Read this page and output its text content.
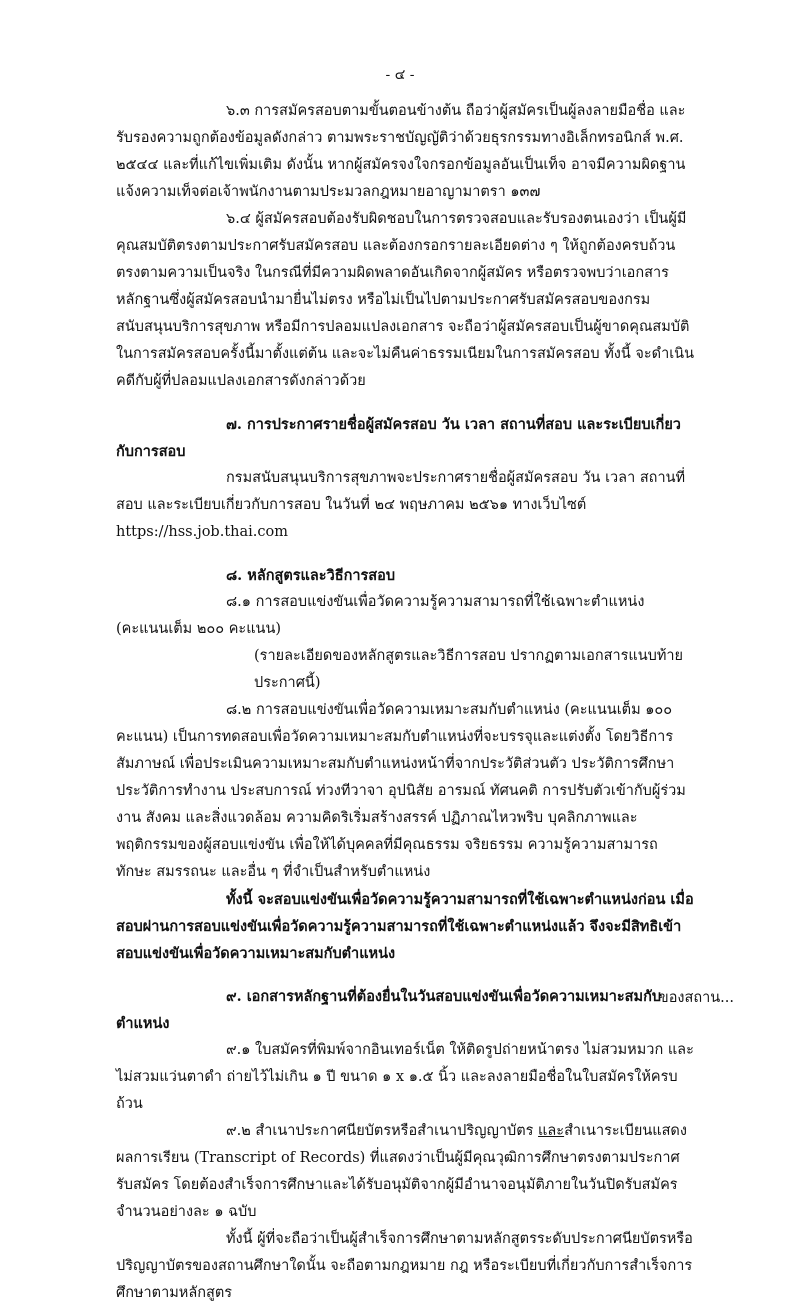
- ๔ -

๖.๓ การสมัครสอบตามขั้นตอนข้างต้น ถือว่าผู้สมัครเป็นผู้ลงลายมือชื่อ และรับรองความถูกต้องข้อมูลดังกล่าว ตามพระราชบัญญัติว่าด้วยธุรกรรมทางอิเล็กทรอนิกส์ พ.ศ. ๒๕๔๔ และที่แก้ไขเพิ่มเติม ดังนั้น หากผู้สมัครจงใจกรอกข้อมูลอันเป็นเท็จ อาจมีความผิดฐานแจ้งความเท็จต่อเจ้าพนักงานตามประมวลกฎหมายอาญามาตรา ๑๓๗

๖.๔ ผู้สมัครสอบต้องรับผิดชอบในการตรวจสอบและรับรองตนเองว่า เป็นผู้มีคุณสมบัติตรงตามประกาศรับสมัครสอบ และต้องกรอกรายละเอียดต่าง ๆ ให้ถูกต้องครบถ้วนตรงตามความเป็นจริง ในกรณีที่มีความผิดพลาดอันเกิดจากผู้สมัคร หรือตรวจพบว่าเอกสารหลักฐานซึ่งผู้สมัครสอบนำมายื่นไม่ตรง หรือไม่เป็นไปตามประกาศรับสมัครสอบของกรมสนับสนุนบริการสุขภาพ หรือมีการปลอมแปลงเอกสาร จะถือว่าผู้สมัครสอบเป็นผู้ขาดคุณสมบัติในการสมัครสอบครั้งนี้มาตั้งแต่ต้น และจะไม่คืนค่าธรรมเนียมในการสมัครสอบ ทั้งนี้ จะดำเนินคดีกับผู้ที่ปลอมแปลงเอกสารดังกล่าวด้วย

๗. การประกาศรายชื่อผู้สมัครสอบ วัน เวลา สถานที่สอบ และระเบียบเกี่ยวกับการสอบ

กรมสนับสนุนบริการสุขภาพจะประกาศรายชื่อผู้สมัครสอบ วัน เวลา สถานที่สอบ และระเบียบเกี่ยวกับการสอบ ในวันที่ ๒๔ พฤษภาคม ๒๕๖๑ ทางเว็บไซต์ https://hss.job.thai.com

๘. หลักสูตรและวิธีการสอบ

๘.๑ การสอบแข่งขันเพื่อวัดความรู้ความสามารถที่ใช้เฉพาะตำแหน่ง (คะแนนเต็ม ๒๐๐ คะแนน)

(รายละเอียดของหลักสูตรและวิธีการสอบ ปรากฏตามเอกสารแนบท้ายประกาศนี้)

๘.๒ การสอบแข่งขันเพื่อวัดความเหมาะสมกับตำแหน่ง (คะแนนเต็ม ๑๐๐ คะแนน) เป็นการทดสอบเพื่อวัดความเหมาะสมกับตำแหน่งที่จะบรรจุและแต่งตั้ง โดยวิธีการสัมภาษณ์ เพื่อประเมินความเหมาะสมกับตำแหน่งหน้าที่จากประวัติส่วนตัว ประวัติการศึกษา ประวัติการทำงาน ประสบการณ์ ท่วงทีวาจา อุปนิสัย อารมณ์ ทัศนคติ การปรับตัวเข้ากับผู้ร่วมงาน สังคม และสิ่งแวดล้อม ความคิดริเริ่มสร้างสรรค์ ปฏิภาณไหวพริบ บุคลิกภาพและพฤติกรรมของผู้สอบแข่งขัน เพื่อให้ได้บุคคลที่มีคุณธรรม จริยธรรม ความรู้ความสามารถ ทักษะ สมรรถนะ และอื่น ๆ ที่จำเป็นสำหรับตำแหน่ง

ทั้งนี้ จะสอบแข่งขันเพื่อวัดความรู้ความสามารถที่ใช้เฉพาะตำแหน่งก่อน เมื่อสอบผ่านการสอบแข่งขันเพื่อวัดความรู้ความสามารถที่ใช้เฉพาะตำแหน่งแล้ว จึงจะมีสิทธิเข้าสอบแข่งขันเพื่อวัดความเหมาะสมกับตำแหน่ง

๙. เอกสารหลักฐานที่ต้องยื่นในวันสอบแข่งขันเพื่อวัดความเหมาะสมกับตำแหน่ง

๙.๑ ใบสมัครที่พิมพ์จากอินเทอร์เน็ต ให้ติดรูปถ่ายหน้าตรง ไม่สวมหมวก และไม่สวมแว่นตาดำ ถ่ายไว้ไม่เกิน ๑ ปี ขนาด ๑ x ๑.๕ นิ้ว และลงลายมือชื่อในใบสมัครให้ครบถ้วน

๙.๒ สำเนาประกาศนียบัตรหรือสำเนาปริญญาบัตร และสำเนาระเบียนแสดงผลการเรียน (Transcript of Records) ที่แสดงว่าเป็นผู้มีคุณวุฒิการศึกษาตรงตามประกาศรับสมัคร โดยต้องสำเร็จการศึกษาและได้รับอนุมัติจากผู้มีอำนาจอนุมัติภายในวันปิดรับสมัครจำนวนอย่างละ ๑ ฉบับ

ทั้งนี้ ผู้ที่จะถือว่าเป็นผู้สำเร็จการศึกษาตามหลักสูตรระดับประกาศนียบัตรหรือปริญญาบัตรของสถานศึกษาใดนั้น จะถือตามกฎหมาย กฎ หรือระเบียบที่เกี่ยวกับการสำเร็จการศึกษาตามหลักสูตร

ของสถาน...
